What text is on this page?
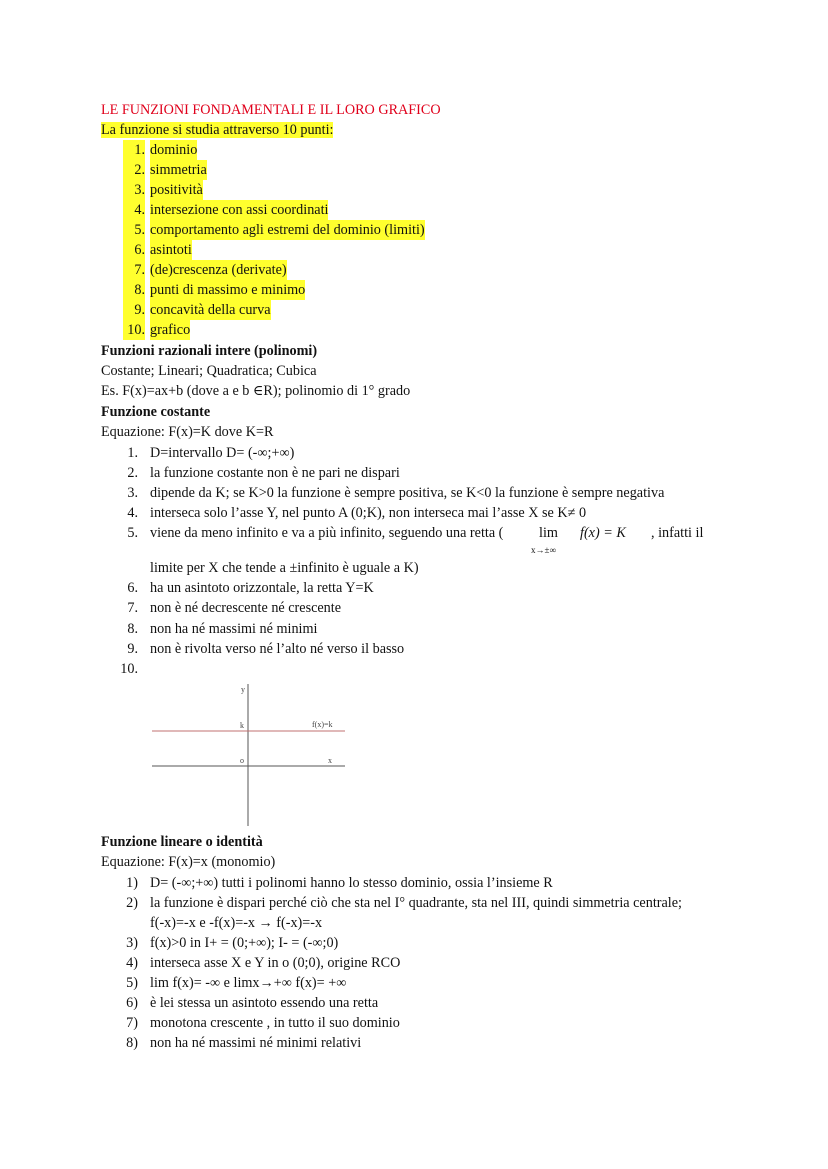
LE FUNZIONI FONDAMENTALI E IL LORO GRAFICO
La funzione si studia attraverso 10 punti:
1. dominio
2. simmetria
3. positività
4. intersezione con assi coordinati
5. comportamento agli estremi del dominio (limiti)
6. asintoti
7. (de)crescenza (derivate)
8. punti di massimo e minimo
9. concavità della curva
10. grafico
Funzioni razionali intere (polinomi)
Costante; Lineari; Quadratica; Cubica
Es. F(x)=ax+b (dove a e b ∈R); polinomio di 1° grado
Funzione costante
Equazione: F(x)=K dove K=R
1. D=intervallo D= (-∞;+∞)
2. la funzione costante non è ne pari ne dispari
3. dipende da K; se K>0 la funzione è sempre positiva, se K<0 la funzione è sempre negativa
4. interseca solo l’asse Y, nel punto A (0;K), non interseca mai l’asse X se K≠ 0
5. viene da meno infinito e va a più infinito, seguendo una retta (	lim
x→±∞
f(x) = K , infatti il
limite per X che tende a ±infinito è uguale a K)
6. ha un asintoto orizzontale, la retta Y=K
7. non è né decrescente né crescente
8. non ha né massimi né minimi
9. non è rivolta verso né l’alto né verso il basso
10.
y
k	f(x)=k
o	x
Funzione lineare o identità
Equazione: F(x)=x (monomio)
1) D= (-∞;+∞) tutti i polinomi hanno lo stesso dominio, ossia l’insieme R
2) la funzione è dispari perché ciò che sta nel I° quadrante, sta nel III, quindi simmetria centrale;
f(-x)=-x e -f(x)=-x → f(-x)=-x
3) f(x)>0 in I+ = (0;+∞); I- = (-∞;0)
4) interseca asse X e Y in o (0;0), origine RCO
5) lim f(x)= -∞ e limx→+∞ f(x)= +∞
6) è lei stessa un asintoto essendo una retta
7) monotona crescente , in tutto il suo dominio
8) non ha né massimi né minimi relativi
